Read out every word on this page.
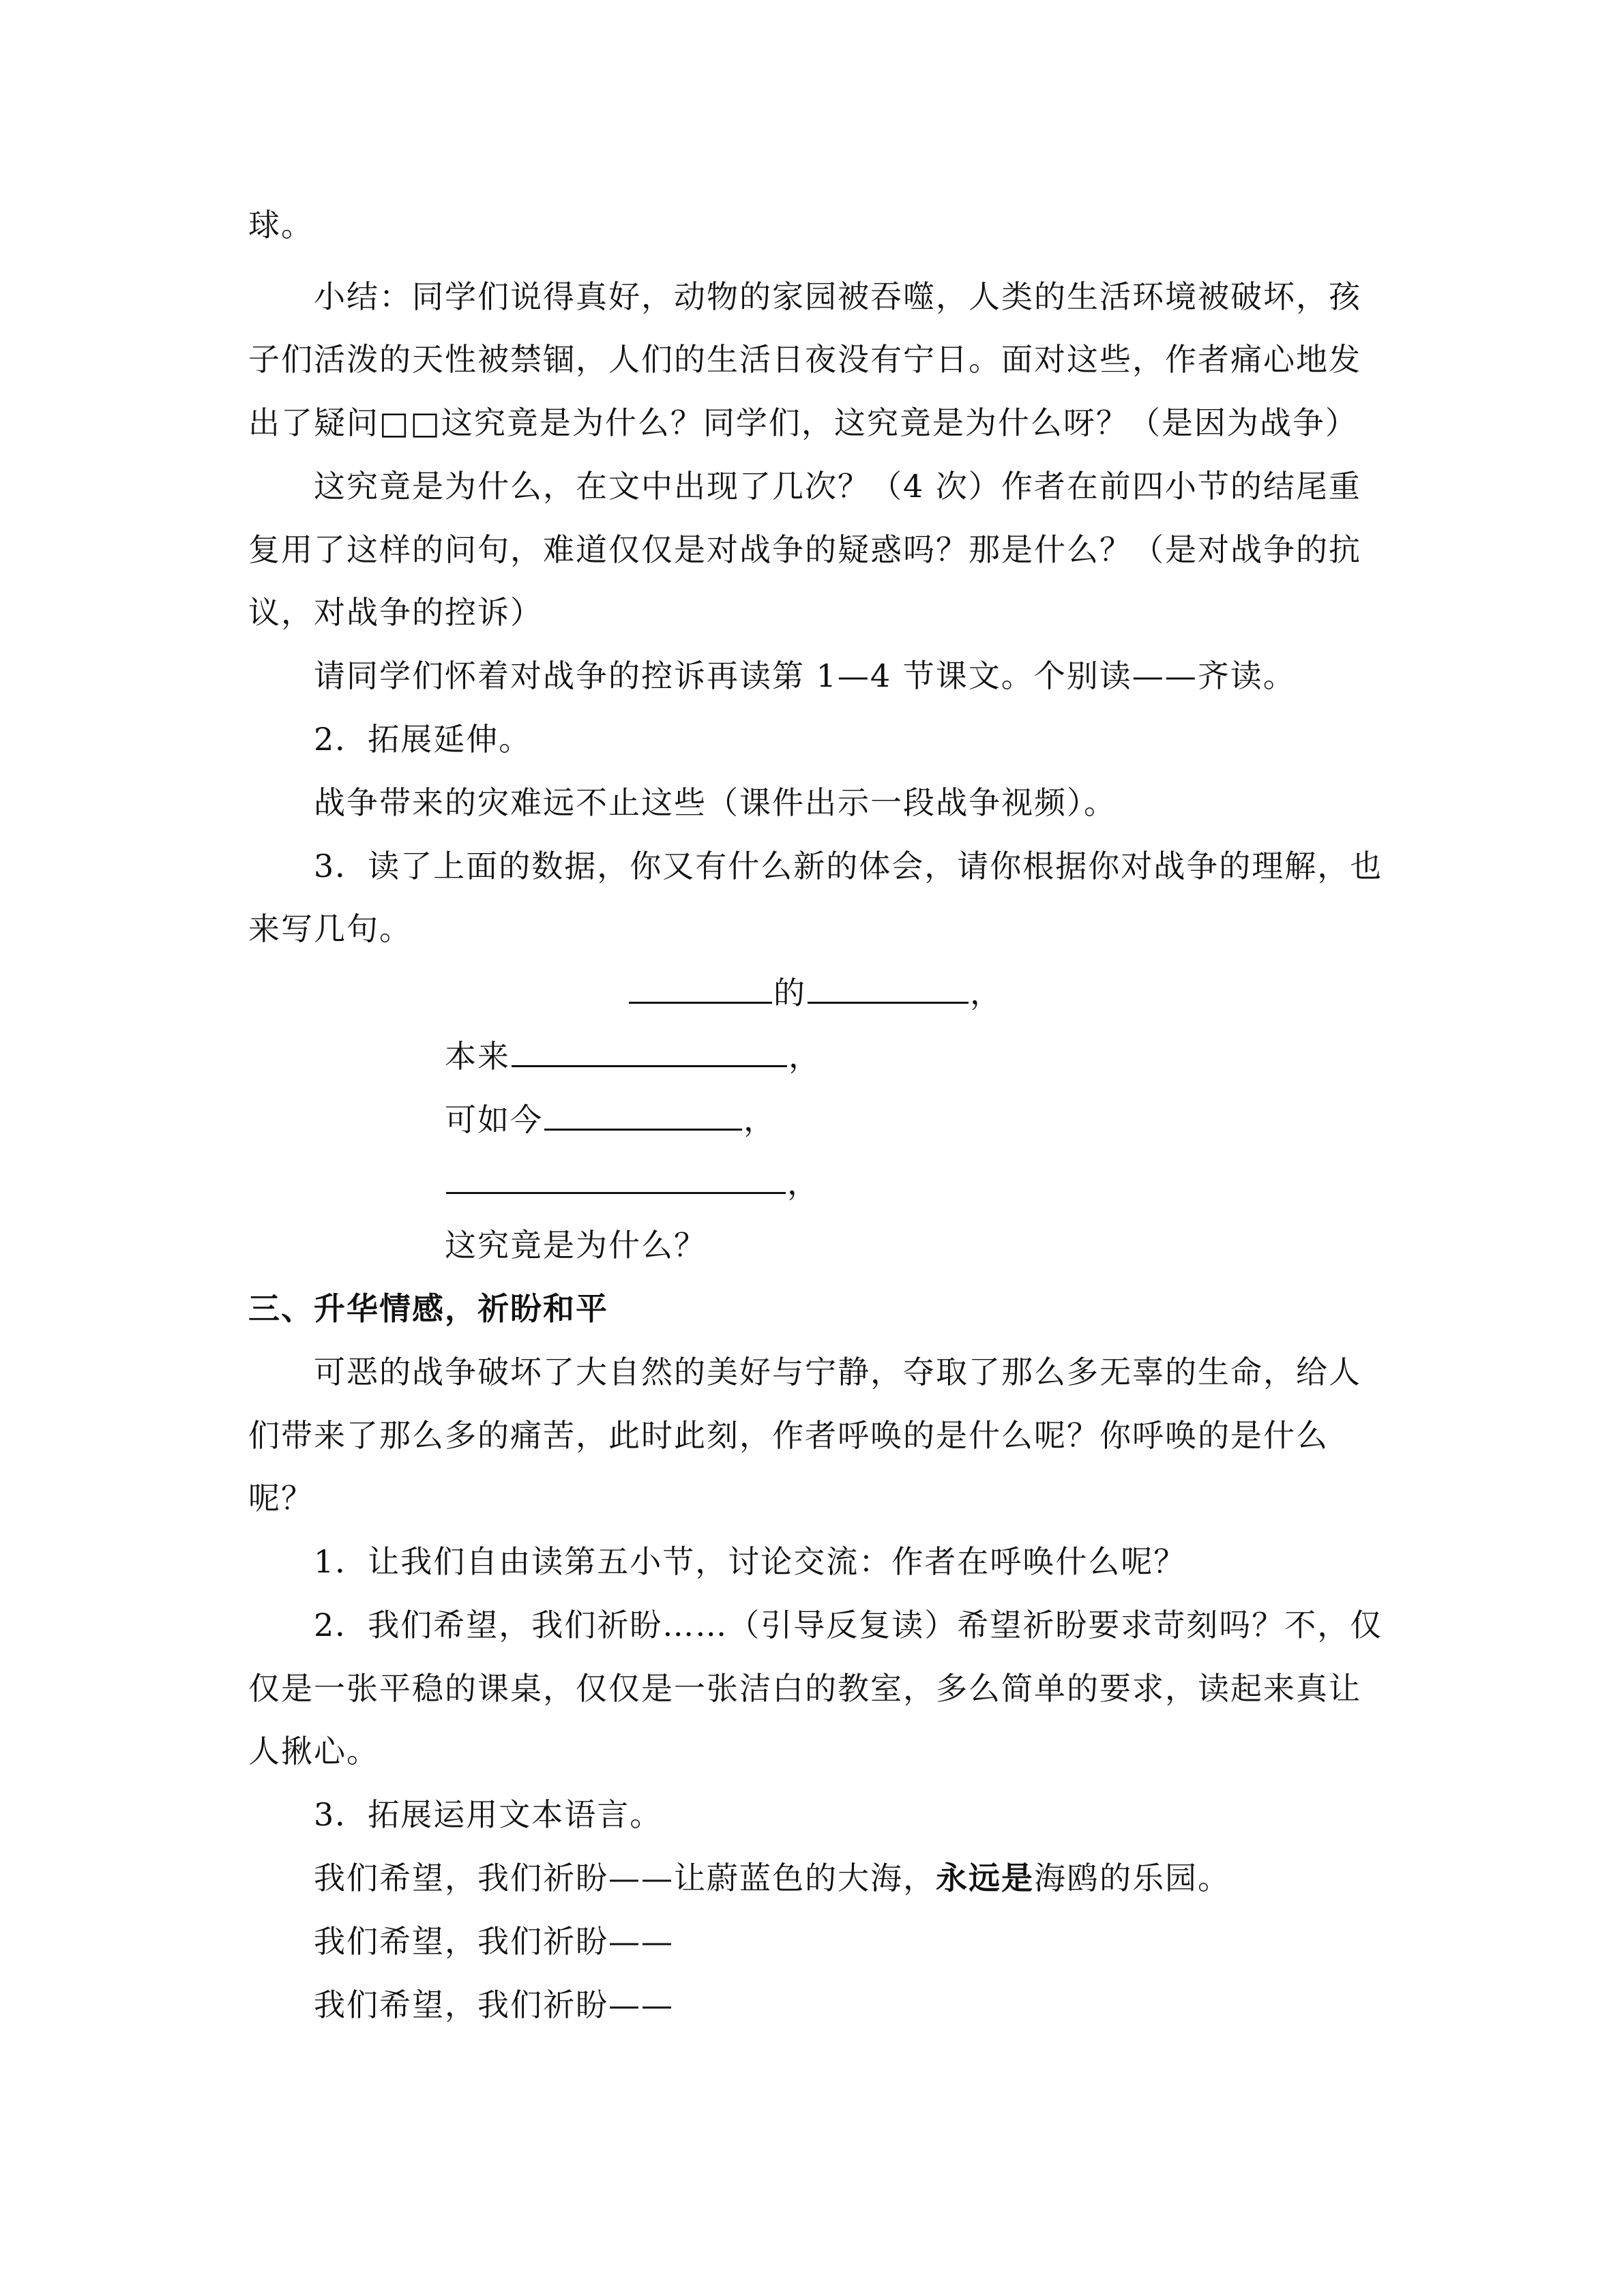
球。
小结：同学们说得真好，动物的家园被吞噬，人类的生活环境被破坏，孩
子们活泼的天性被禁锢，人们的生活日夜没有宁日。面对这些，作者痛心地发
出了疑问□□这究竟是为什么？同学们，这究竟是为什么呀？（是因为战争）
这究竟是为什么，在文中出现了几次？（4 次）作者在前四小节的结尾重
复用了这样的问句，难道仅仅是对战争的疑惑吗？那是什么？（是对战争的抗
议，对战争的控诉）
请同学们怀着对战争的控诉再读第 1—4 节课文。个别读——齐读。
2．拓展延伸。
战争带来的灾难远不止这些（课件出示一段战争视频）。
3．读了上面的数据，你又有什么新的体会，请你根据你对战争的理解，也
来写几句。
的	，
本来	，
可如今	，
，
这究竟是为什么？
三、升华情感，祈盼和平
可恶的战争破坏了大自然的美好与宁静，夺取了那么多无辜的生命，给人
们带来了那么多的痛苦，此时此刻，作者呼唤的是什么呢？你呼唤的是什么
呢？
1．让我们自由读第五小节，讨论交流：作者在呼唤什么呢？
2．我们希望，我们祈盼……（引导反复读）希望祈盼要求苛刻吗？不，仅
仅是一张平稳的课桌，仅仅是一张洁白的教室，多么简单的要求，读起来真让
人揪心。
3．拓展运用文本语言。
我们希望，我们祈盼——让蔚蓝色的大海，永远是海鸥的乐园。
我们希望，我们祈盼——
我们希望，我们祈盼——
